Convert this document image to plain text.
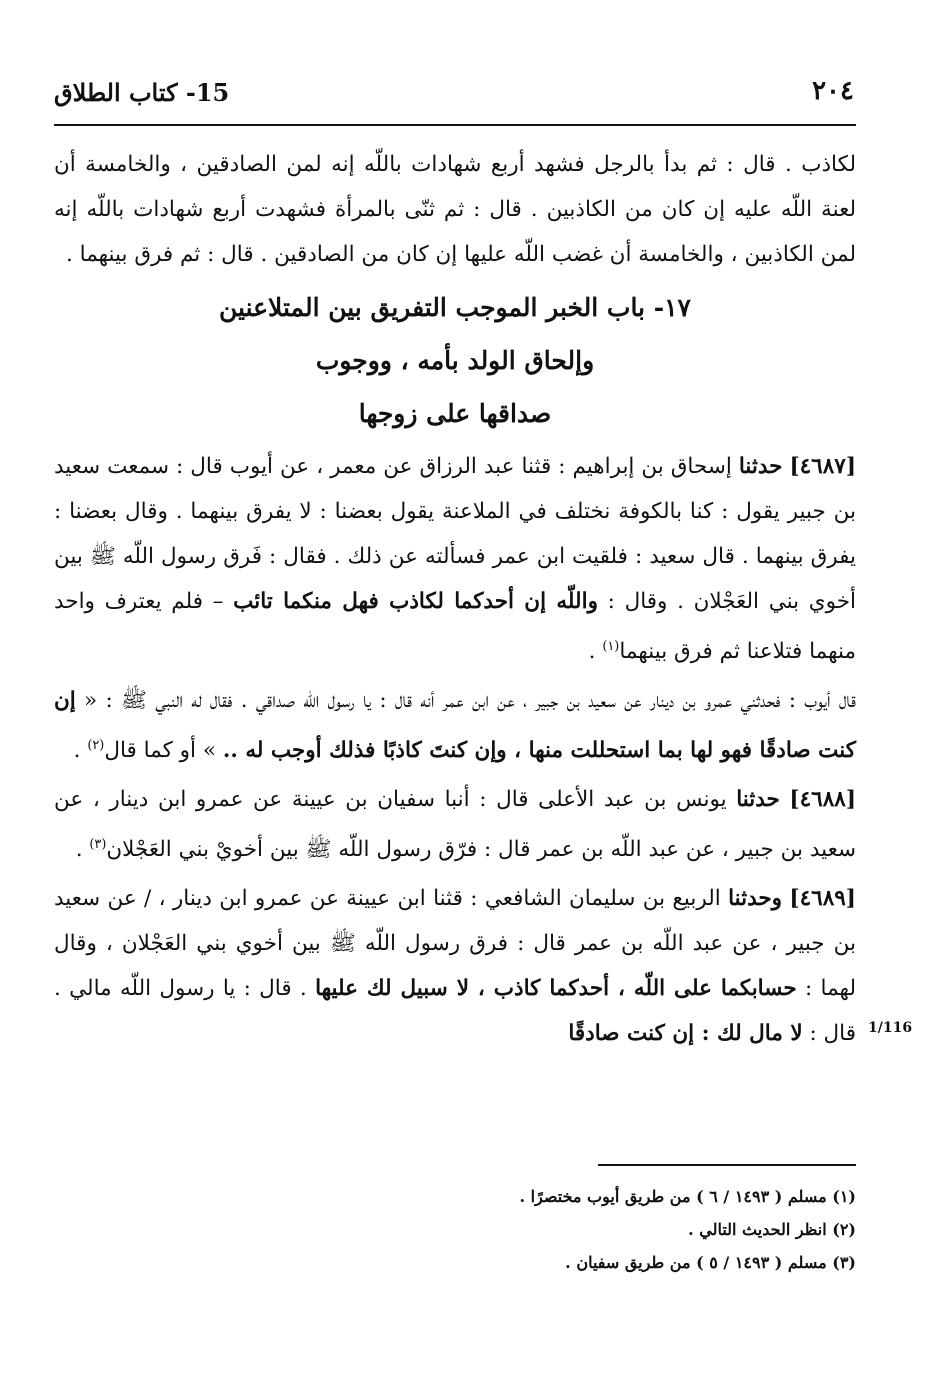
٢٠٤
15- كتاب الطلاق

لكاذب . قال : ثم بدأ بالرجل فشهد أربع شهادات باللّه إنه لمن الصادقين ، والخامسة أن لعنة اللّه عليه إن كان من الكاذبين . قال : ثم ثنّى بالمرأة فشهدت أربع شهادات باللّه إنه لمن الكاذبين ، والخامسة أن غضب اللّه عليها إن كان من الصادقين . قال : ثم فرق بينهما .

١٧- باب الخبر الموجب التفريق بين المتلاعنين
وإلحاق الولد بأمه ، ووجوب
صداقها على زوجها

[٤٦٨٧] حدثنا إسحاق بن إبراهيم : قثنا عبد الرزاق عن معمر ، عن أيوب قال : سمعت سعيد بن جبير يقول : كنا بالكوفة نختلف في الملاعنة يقول بعضنا : لا يفرق بينهما . وقال بعضنا : يفرق بينهما . قال سعيد : فلقيت ابن عمر فسألته عن ذلك . فقال : فَرق رسول اللّه ﷺ بين أخوي بني العَجْلان . وقال : واللّه إن أحدكما لكاذب فهل منكما تائب – فلم يعترف واحد منهما فتلاعنا ثم فرق بينهما$^{(١)}$ .

قال أيوب : فحدثني عمرو بن دينار عن سعيد بن جبير ، عن ابن عمر أنه قال : يا رسول اللّه صداقي . فقال له النبي ﷺ : « إن كنت صادقًا فهو لها بما استحللت منها ، وإن كنتَ كاذبًا فذلك أوجب له .. » أو كما قال$^{(٢)}$ .

[٤٦٨٨] حدثنا يونس بن عبد الأعلى قال : أنبا سفيان بن عيينة عن عمرو ابن دينار ، عن سعيد بن جبير ، عن عبد اللّه بن عمر قال : فرّق رسول اللّه ﷺ بين أخويْ بني العَجْلان$^{(٣)}$ .

[٤٦٨٩] وحدثنا الربيع بن سليمان الشافعي : قثنا ابن عيينة عن عمرو ابن دينار ، / عن سعيد بن جبير ، عن عبد اللّه بن عمر قال : فرق رسول اللّه ﷺ بين أخوي بني العَجْلان ، وقال لهما : حسابكما على اللّه ، أحدكما كاذب ، لا سبيل لك عليها . قال : يا رسول اللّه مالي . قال : لا مال لك : إن كنت صادقًا	1/116
(١) مسلم ( ١٤٩٣ / ٦ ) من طريق أيوب مختصرًا .
(٢) انظر الحديث التالي .
(٣) مسلم ( ١٤٩٣ / ٥ ) من طريق سفيان .
